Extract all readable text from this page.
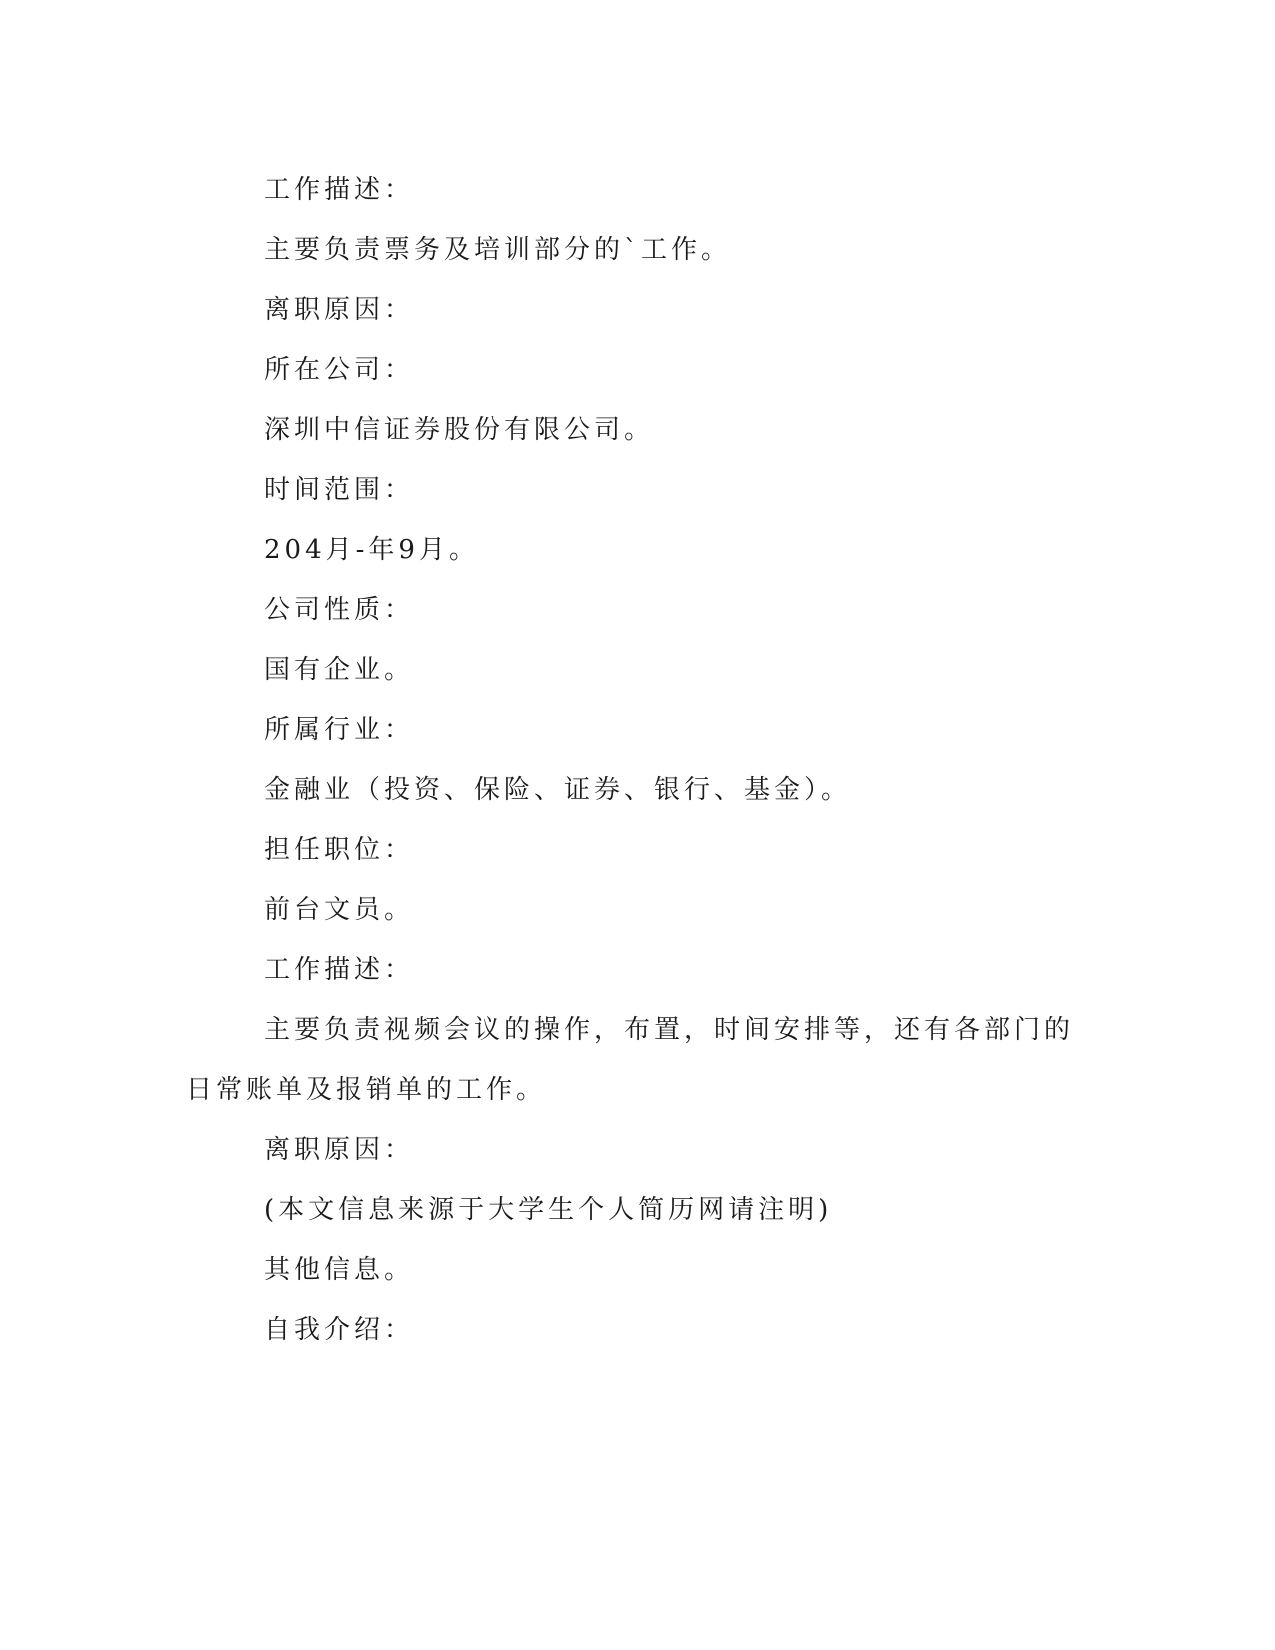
工作描述：

主要负责票务及培训部分的`工作。

离职原因：

所在公司：

深圳中信证券股份有限公司。

时间范围：

204月-年9月。

公司性质：

国有企业。

所属行业：

金融业（投资、保险、证券、银行、基金）。

担任职位：

前台文员。

工作描述：

主要负责视频会议的操作，布置，时间安排等，还有各部门的日常账单及报销单的工作。

离职原因：

(本文信息来源于大学生个人简历网请注明)

其他信息。

自我介绍：
